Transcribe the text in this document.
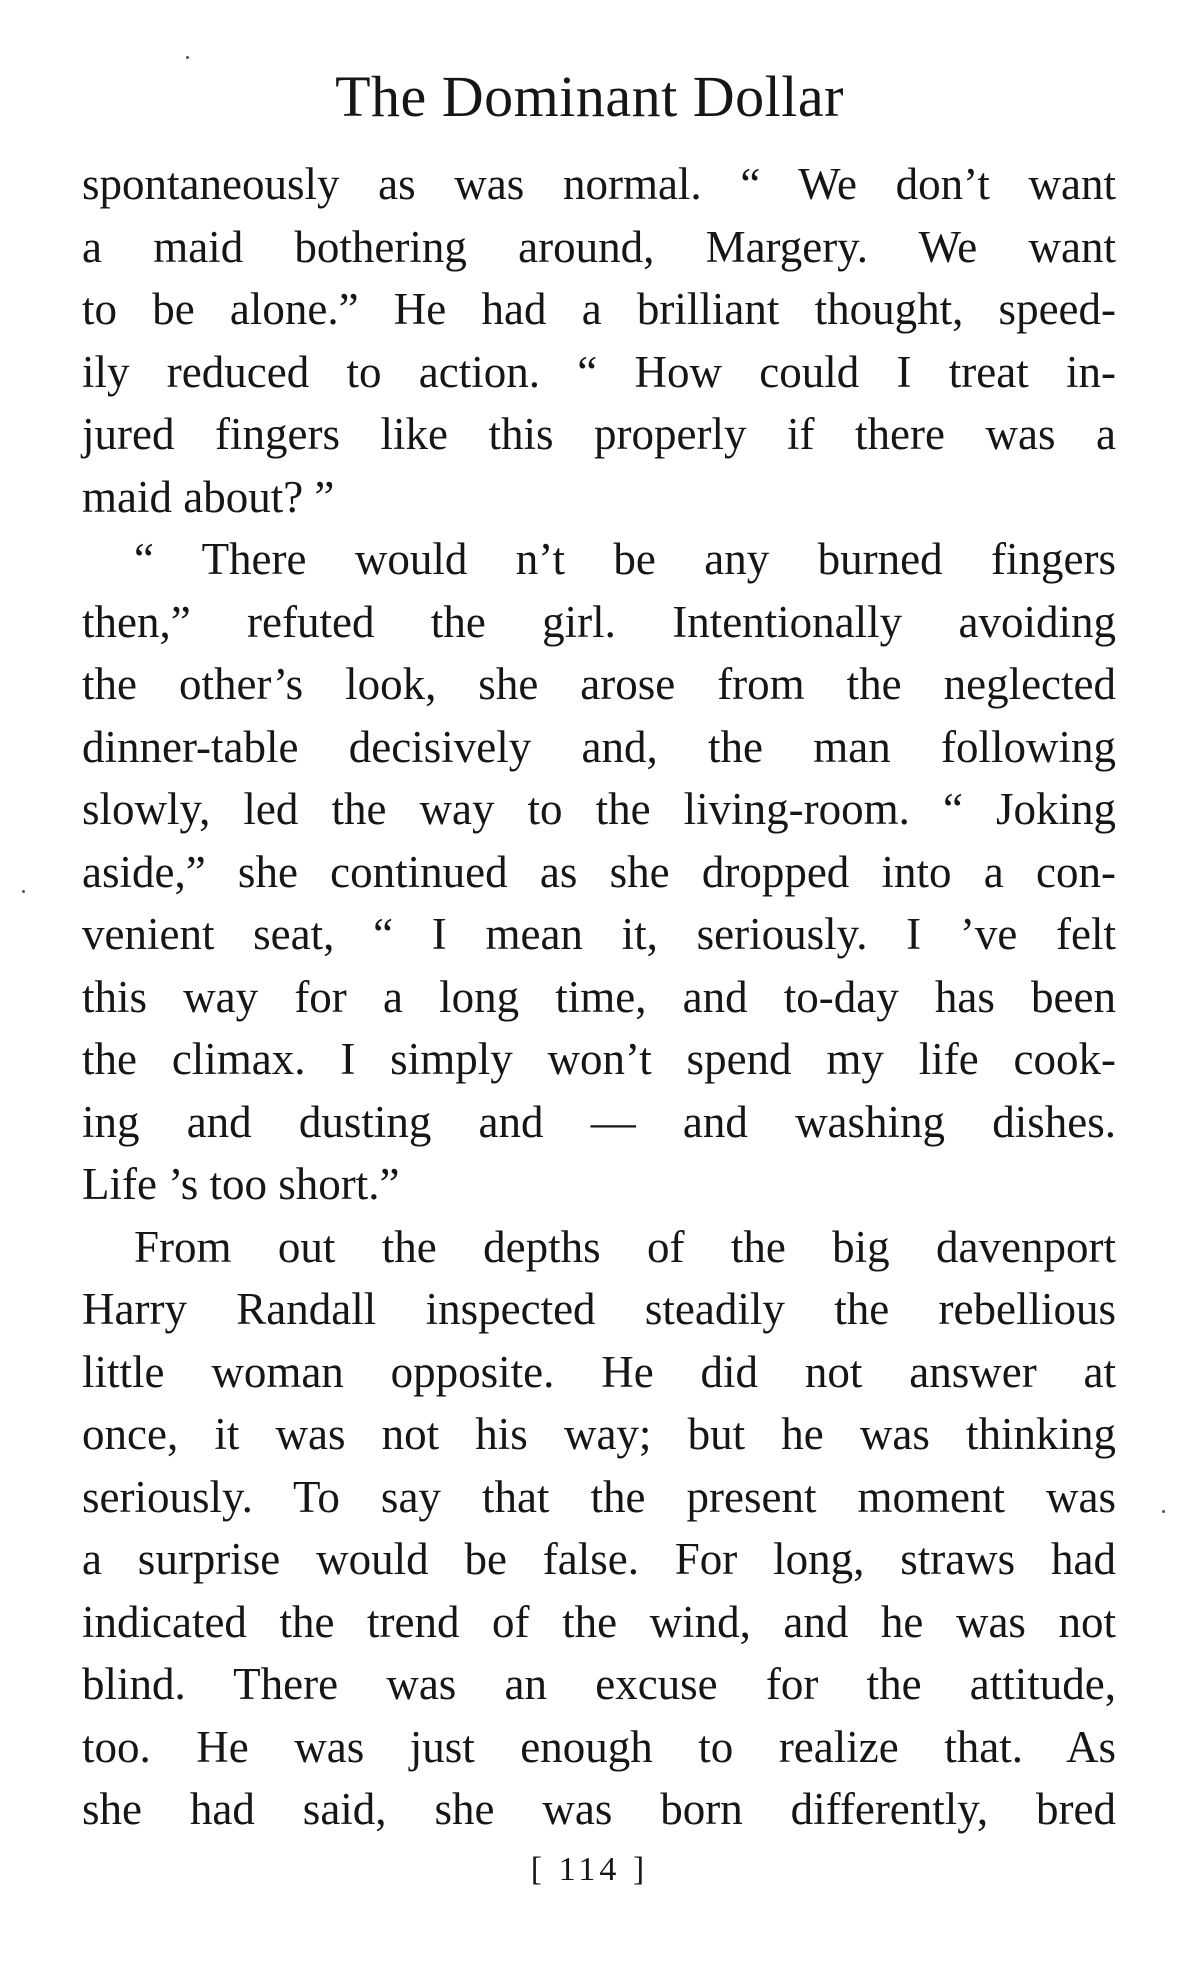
The Dominant Dollar
spontaneously as was normal. “ We don’t want
a maid bothering around, Margery. We want
to be alone.” He had a brilliant thought, speed-
ily reduced to action. “ How could I treat in-
jured fingers like this properly if there was a
maid about? ”
“ There would n’t be any burned fingers
then,” refuted the girl. Intentionally avoiding
the other’s look, she arose from the neglected
dinner-table decisively and, the man following
slowly, led the way to the living-room. “ Joking
aside,” she continued as she dropped into a con-
venient seat, “ I mean it, seriously. I ’ve felt
this way for a long time, and to-day has been
the climax. I simply won’t spend my life cook-
ing and dusting and — and washing dishes.
Life ’s too short.”
From out the depths of the big davenport
Harry Randall inspected steadily the rebellious
little woman opposite. He did not answer at
once, it was not his way; but he was thinking
seriously. To say that the present moment was
a surprise would be false. For long, straws had
indicated the trend of the wind, and he was not
blind. There was an excuse for the attitude,
too. He was just enough to realize that. As
she had said, she was born differently, bred
[ 114 ]
